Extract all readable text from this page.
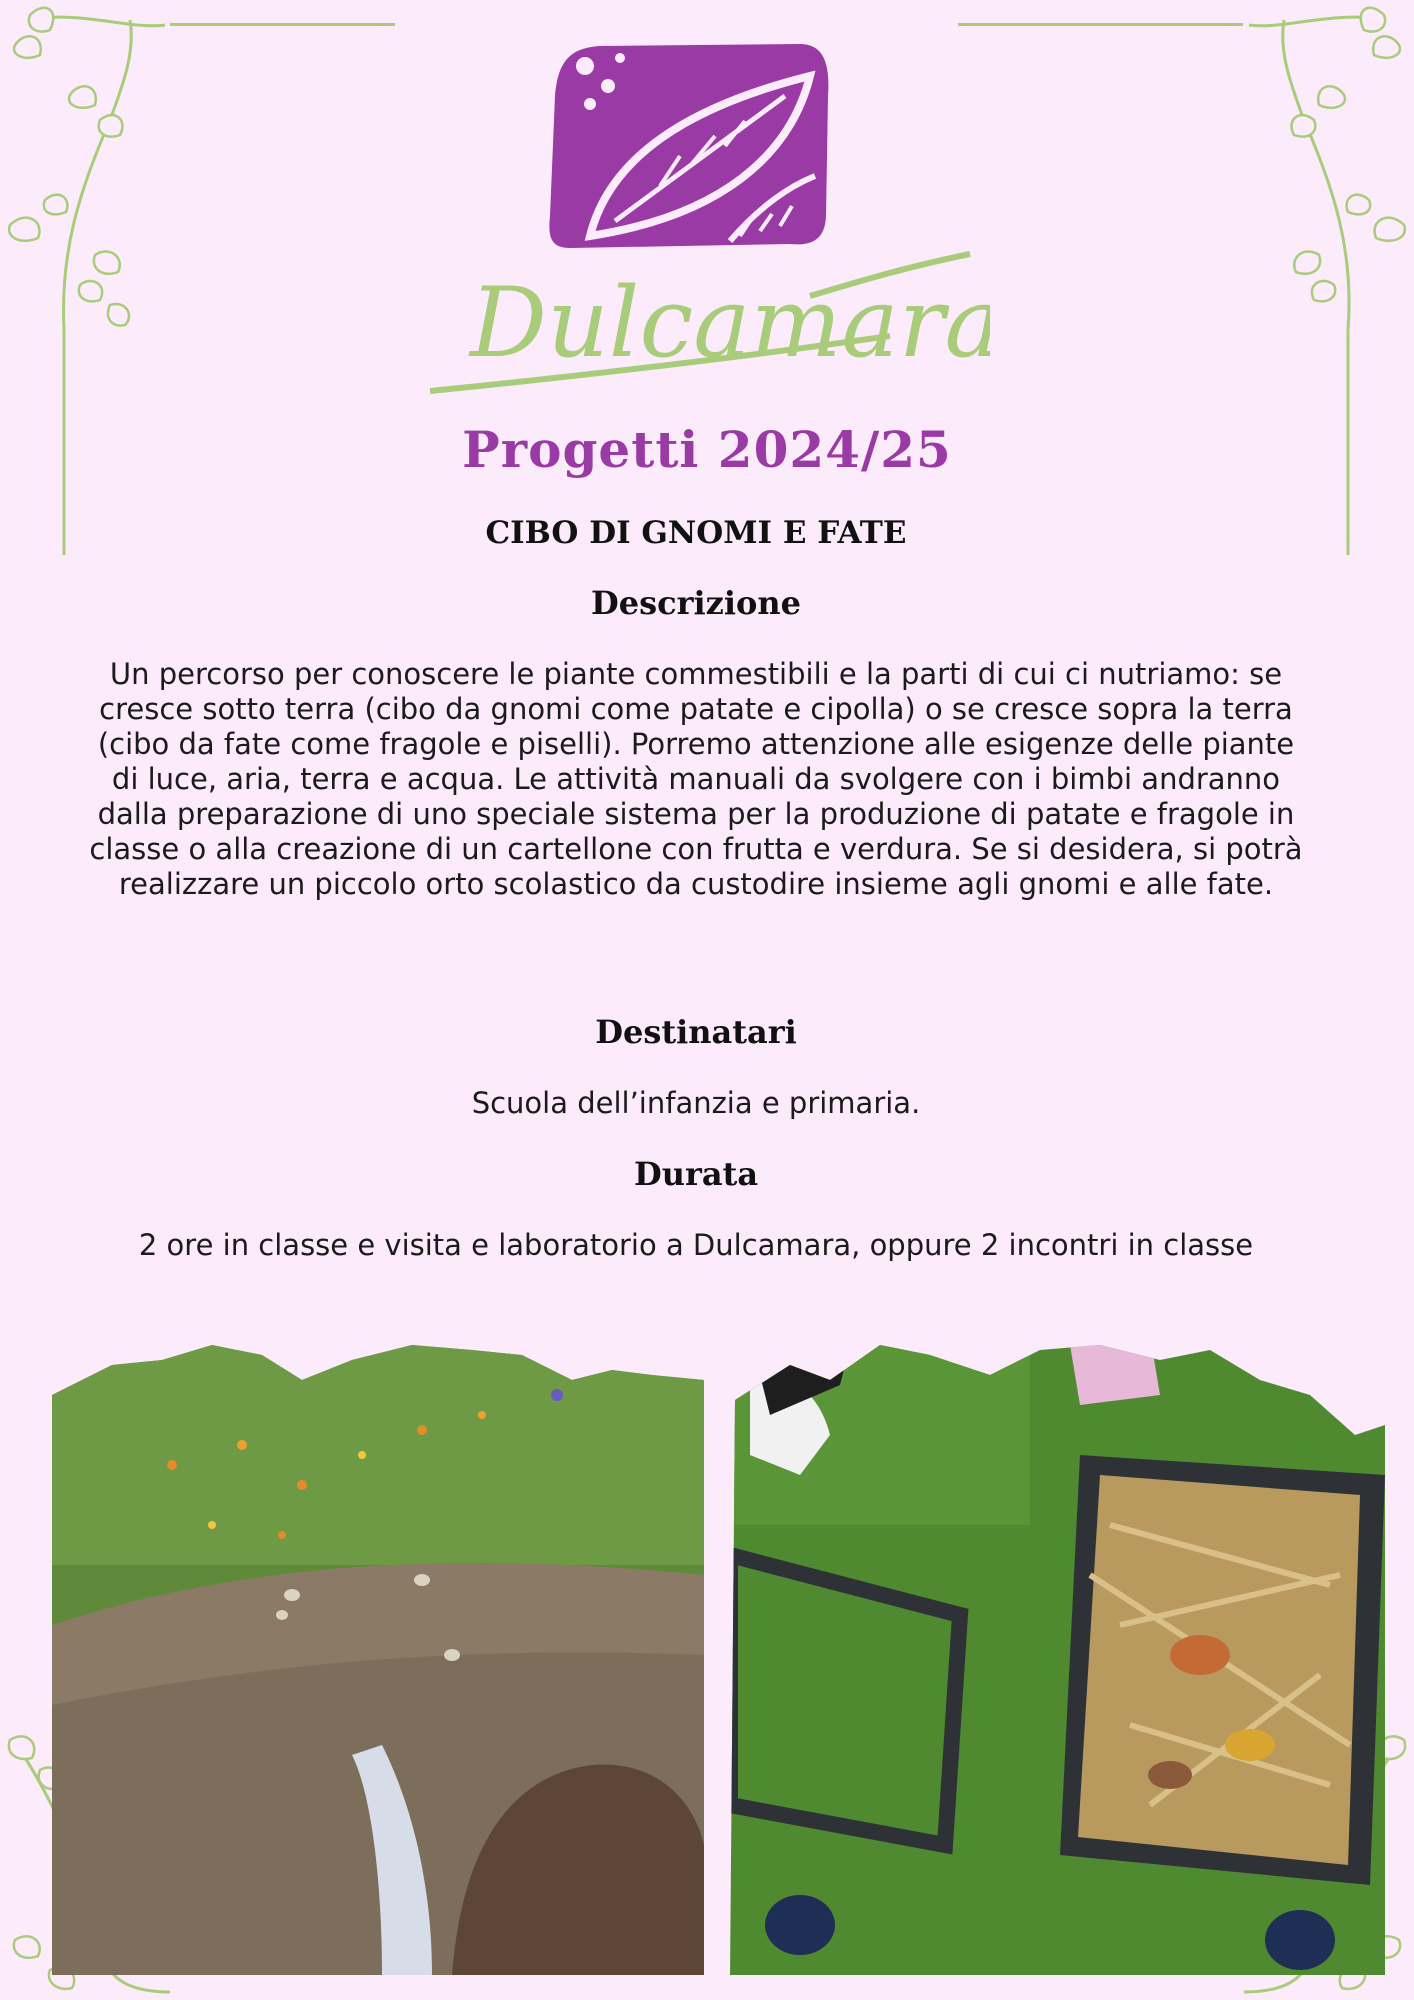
Dulcamara
Progetti 2024/25
CIBO DI GNOMI E FATE
Descrizione

Un percorso per conoscere le piante commestibili e la parti di cui ci nutriamo: se cresce sotto terra (cibo da gnomi come patate e cipolla) o se cresce sopra la terra (cibo da fate come fragole e piselli). Porremo attenzione alle esigenze delle piante di luce, aria, terra e acqua. Le attività manuali da svolgere con i bimbi andranno dalla preparazione di uno speciale sistema per la produzione di patate e fragole in classe o alla creazione di un cartellone con frutta e verdura. Se si desidera, si potrà realizzare un piccolo orto scolastico da custodire insieme agli gnomi e alle fate.

Destinatari

Scuola dell’infanzia e primaria.

Durata

2 ore in classe e visita e laboratorio a Dulcamara, oppure 2 incontri in classe
